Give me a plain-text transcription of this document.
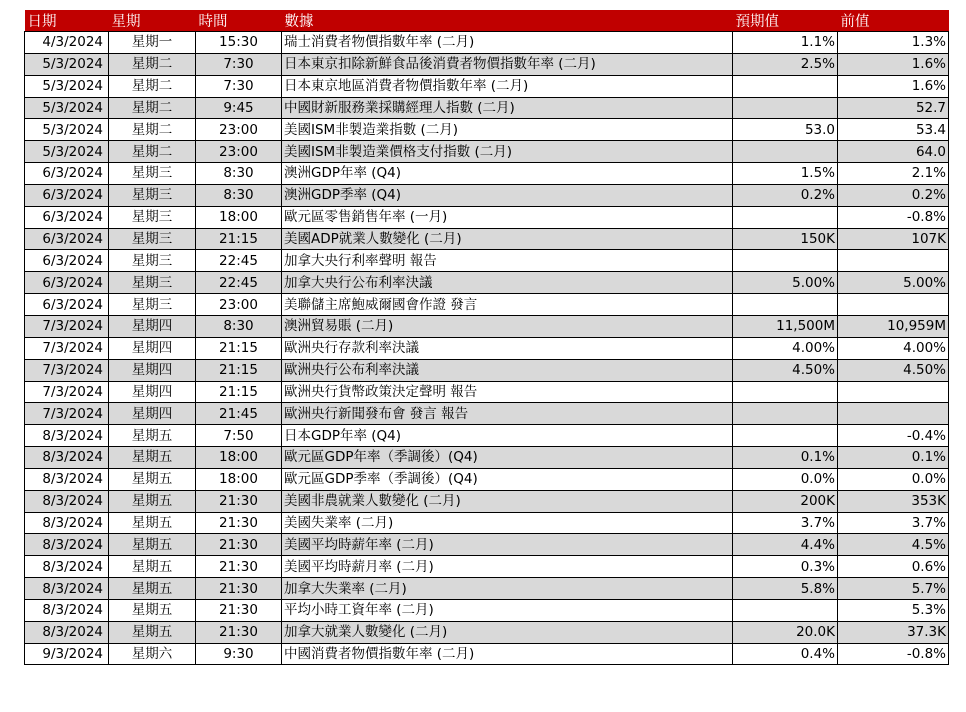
日期	星期	時間	數據	預期值	前值
4/3/2024	星期一	15:30	瑞士消費者物價指數年率 (二月)	1.1%	1.3%
5/3/2024	星期二	7:30	日本東京扣除新鮮食品後消費者物價指數年率 (二月)	2.5%	1.6%
5/3/2024	星期二	7:30	日本東京地區消費者物價指數年率 (二月)		1.6%
5/3/2024	星期二	9:45	中國財新服務業採購經理人指數 (二月)		52.7
5/3/2024	星期二	23:00	美國ISM非製造業指數 (二月)	53.0	53.4
5/3/2024	星期二	23:00	美國ISM非製造業價格支付指數 (二月)		64.0
6/3/2024	星期三	8:30	澳洲GDP年率 (Q4)	1.5%	2.1%
6/3/2024	星期三	8:30	澳洲GDP季率 (Q4)	0.2%	0.2%
6/3/2024	星期三	18:00	歐元區零售銷售年率 (一月)		-0.8%
6/3/2024	星期三	21:15	美國ADP就業人數變化 (二月)	150K	107K
6/3/2024	星期三	22:45	加拿大央行利率聲明 報告		
6/3/2024	星期三	22:45	加拿大央行公布利率決議	5.00%	5.00%
6/3/2024	星期三	23:00	美聯儲主席鮑威爾國會作證 發言		
7/3/2024	星期四	8:30	澳洲貿易賬 (二月)	11,500M	10,959M
7/3/2024	星期四	21:15	歐洲央行存款利率決議	4.00%	4.00%
7/3/2024	星期四	21:15	歐洲央行公布利率決議	4.50%	4.50%
7/3/2024	星期四	21:15	歐洲央行貨幣政策決定聲明 報告		
7/3/2024	星期四	21:45	歐洲央行新聞發布會 發言 報告		
8/3/2024	星期五	7:50	日本GDP年率 (Q4)		-0.4%
8/3/2024	星期五	18:00	歐元區GDP年率（季調後）(Q4)	0.1%	0.1%
8/3/2024	星期五	18:00	歐元區GDP季率（季調後）(Q4)	0.0%	0.0%
8/3/2024	星期五	21:30	美國非農就業人數變化 (二月)	200K	353K
8/3/2024	星期五	21:30	美國失業率 (二月)	3.7%	3.7%
8/3/2024	星期五	21:30	美國平均時薪年率 (二月)	4.4%	4.5%
8/3/2024	星期五	21:30	美國平均時薪月率 (二月)	0.3%	0.6%
8/3/2024	星期五	21:30	加拿大失業率 (二月)	5.8%	5.7%
8/3/2024	星期五	21:30	平均小時工資年率 (二月)		5.3%
8/3/2024	星期五	21:30	加拿大就業人數變化 (二月)	20.0K	37.3K
9/3/2024	星期六	9:30	中國消費者物價指數年率 (二月)	0.4%	-0.8%
